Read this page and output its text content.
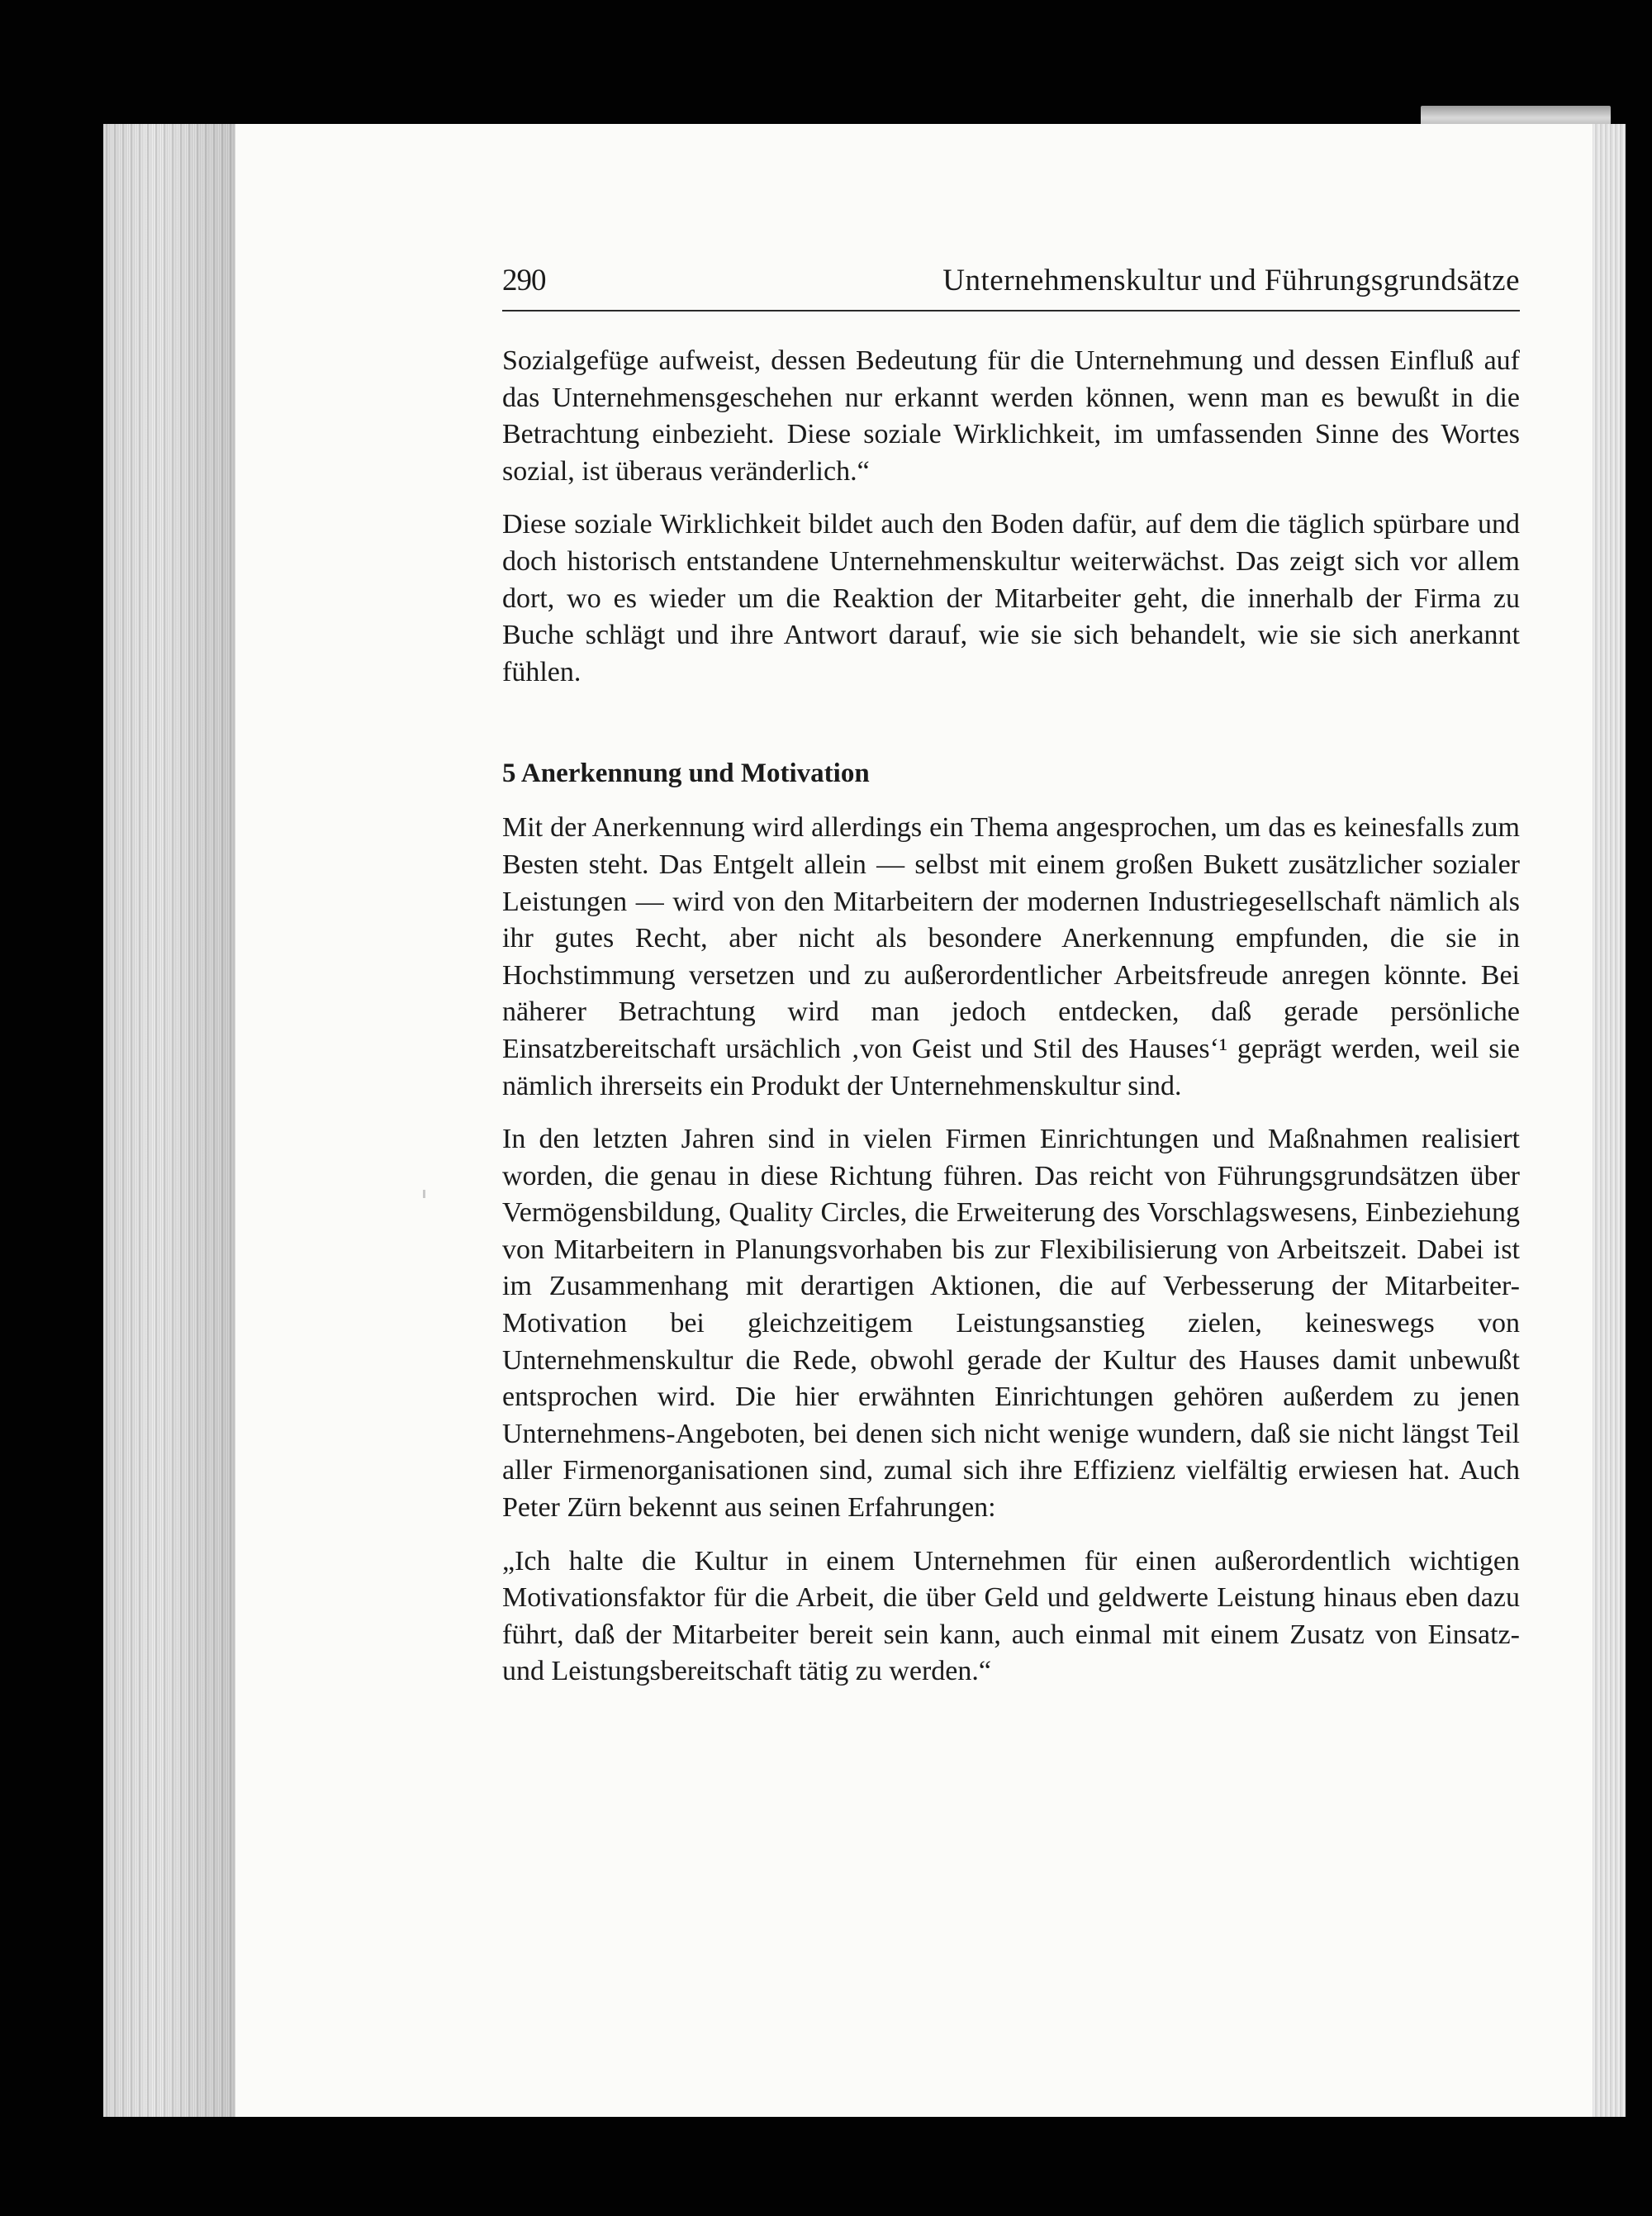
290	Unternehmenskultur und Führungsgrundsätze

Sozialgefüge aufweist, dessen Bedeutung für die Unternehmung und dessen Einfluß auf das Unternehmensgeschehen nur erkannt werden können, wenn man es bewußt in die Betrachtung einbezieht. Diese soziale Wirklichkeit, im umfassenden Sinne des Wortes sozial, ist überaus veränderlich.“

Diese soziale Wirklichkeit bildet auch den Boden dafür, auf dem die täglich spürbare und doch historisch entstandene Unternehmenskultur weiterwächst. Das zeigt sich vor allem dort, wo es wieder um die Reaktion der Mitarbeiter geht, die innerhalb der Firma zu Buche schlägt und ihre Antwort darauf, wie sie sich behandelt, wie sie sich anerkannt fühlen.

5 Anerkennung und Motivation

Mit der Anerkennung wird allerdings ein Thema angesprochen, um das es keinesfalls zum Besten steht. Das Entgelt allein — selbst mit einem großen Bukett zusätzlicher sozialer Leistungen — wird von den Mitarbeitern der modernen Industriegesellschaft nämlich als ihr gutes Recht, aber nicht als besondere Anerkennung empfunden, die sie in Hochstimmung versetzen und zu außerordentlicher Arbeitsfreude anregen könnte. Bei näherer Betrachtung wird man jedoch entdecken, daß gerade persönliche Einsatzbereitschaft ursächlich ‚von Geist und Stil des Hauses‘¹ geprägt werden, weil sie nämlich ihrerseits ein Produkt der Unternehmenskultur sind.

In den letzten Jahren sind in vielen Firmen Einrichtungen und Maßnahmen realisiert worden, die genau in diese Richtung führen. Das reicht von Führungsgrundsätzen über Vermögensbildung, Quality Circles, die Erweiterung des Vorschlagswesens, Einbeziehung von Mitarbeitern in Planungsvorhaben bis zur Flexibilisierung von Arbeitszeit. Dabei ist im Zusammenhang mit derartigen Aktionen, die auf Verbesserung der Mitarbeiter-Motivation bei gleichzeitigem Leistungsanstieg zielen, keineswegs von Unternehmenskultur die Rede, obwohl gerade der Kultur des Hauses damit unbewußt entsprochen wird. Die hier erwähnten Einrichtungen gehören außerdem zu jenen Unternehmens-Angeboten, bei denen sich nicht wenige wundern, daß sie nicht längst Teil aller Firmenorganisationen sind, zumal sich ihre Effizienz vielfältig erwiesen hat. Auch Peter Zürn bekennt aus seinen Erfahrungen:

„Ich halte die Kultur in einem Unternehmen für einen außerordentlich wichtigen Motivationsfaktor für die Arbeit, die über Geld und geldwerte Leistung hinaus eben dazu führt, daß der Mitarbeiter bereit sein kann, auch einmal mit einem Zusatz von Einsatz- und Leistungsbereitschaft tätig zu werden.“
